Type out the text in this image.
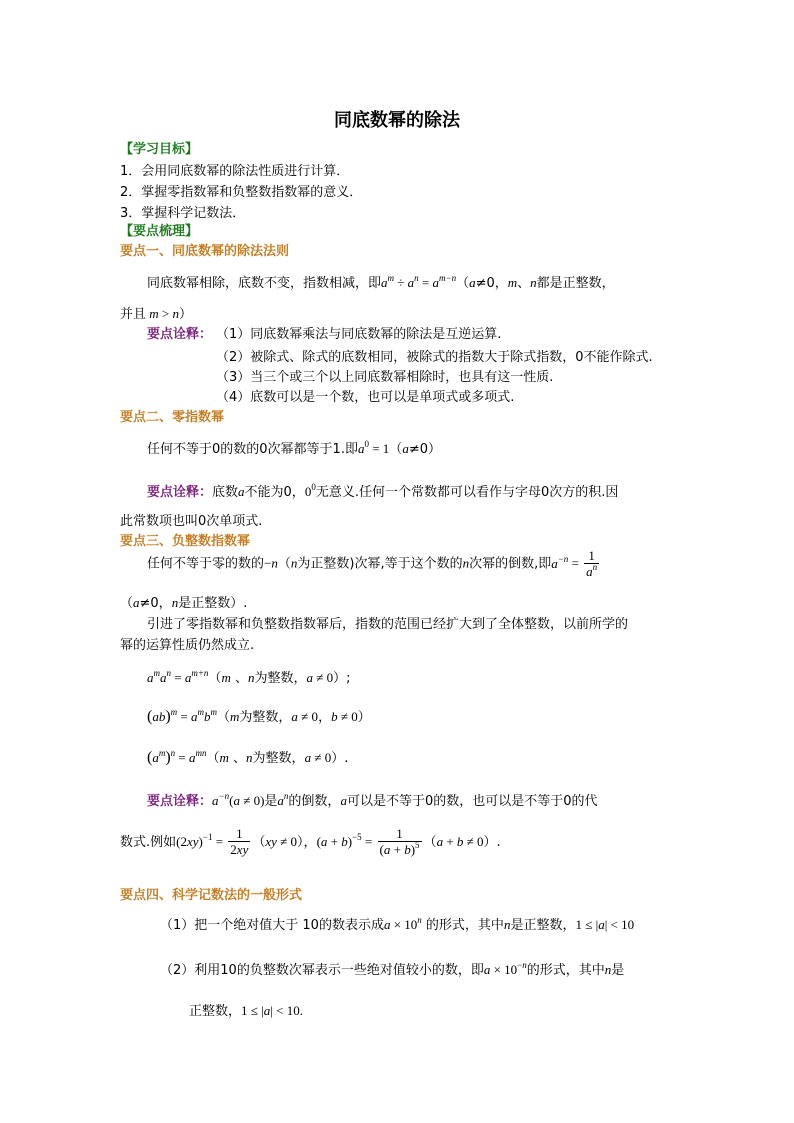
同底数幂的除法
【学习目标】
1．会用同底数幂的除法性质进行计算．
2．掌握零指数幂和负整数指数幂的意义．
3．掌握科学记数法．
【要点梳理】
要点一、同底数幂的除法法则
同底数幂相除，底数不变，指数相减，即$a^m \div a^n = a^{m-n}(a\ne 0$，m、n都是正整数，
并且 m > n）
要点诠释： （1）同底数幂乘法与同底数幂的除法是互逆运算.
（2）被除式、除式的底数相同，被除式的指数大于除式指数，0不能作除式.
（3）当三个或三个以上同底数幂相除时，也具有这一性质.
（4）底数可以是一个数，也可以是单项式或多项式.
要点二、零指数幂
任何不等于0的数的0次幂都等于1.即$a^0 = 1(a\ne 0)$
要点诠释：底数a不能为0，$0^0$无意义.任何一个常数都可以看作与字母0次方的积.因
此常数项也叫0次单项式.
要点三、负整数指数幂
任何不等于零的数的−n（n为正整数)次幂,等于这个数的n次幂的倒数,即$a^{-n} = \frac{1}{a^n}$
（a≠0，n是正整数）.
引进了零指数幂和负整数指数幂后，指数的范围已经扩大到了全体整数，以前所学的
幂的运算性质仍然成立.
$a^ma^n = a^{m+n}(m$ 、n为整数，a ≠ 0）;
$(ab)^m = a^mb^m(m$为整数，a ≠ 0，b ≠ 0）
$(a^m)^n = a^{mn}(m$ 、n为整数，a ≠ 0）.
要点诠释：$a^{-n}(a \ne 0)$是$a^n$的倒数，a可以是不等于0的数，也可以是不等于0的代
数式.例如$(2xy)^{-1} = \frac{1}{2xy} (xy \ne 0)$，$(a + b)^{-5} = \frac{1}{(a + b)^5} (a + b \ne 0)$.
要点四、科学记数法的一般形式
（1）把一个绝对值大于 10的数表示成$a \times 10^n$ 的形式，其中n是正整数，1 ≤ |a| < 10
（2）利用10的负整数次幂表示一些绝对值较小的数，即$a \times 10^{-n}$的形式，其中n是
正整数，1 ≤ |a| < 10.
